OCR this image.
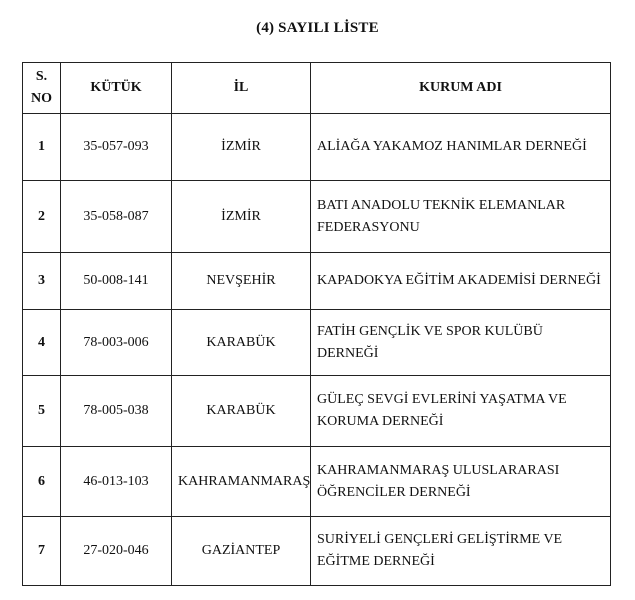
(4) SAYILI LİSTE
S.
NO	KÜTÜK	İL	KURUM ADI
1	35-057-093	İZMİR	ALİAĞA YAKAMOZ HANIMLAR DERNEĞİ

2	35-058-087	İZMİR	BATI ANADOLU TEKNİK ELEMANLAR
FEDERASYONU

3	50-008-141	NEVŞEHİR	KAPADOKYA EĞİTİM AKADEMİSİ DERNEĞİ

4	78-003-006	KARABÜK	FATİH GENÇLİK VE SPOR KULÜBÜ
DERNEĞİ

5	78-005-038	KARABÜK	GÜLEÇ SEVGİ EVLERİNİ YAŞATMA VE
KORUMA DERNEĞİ

6	46-013-103	KAHRAMANMARAŞ	KAHRAMANMARAŞ ULUSLARARASI
ÖĞRENCİLER DERNEĞİ

7	27-020-046	GAZİANTEP	SURİYELİ GENÇLERİ GELİŞTİRME VE
EĞİTME DERNEĞİ
